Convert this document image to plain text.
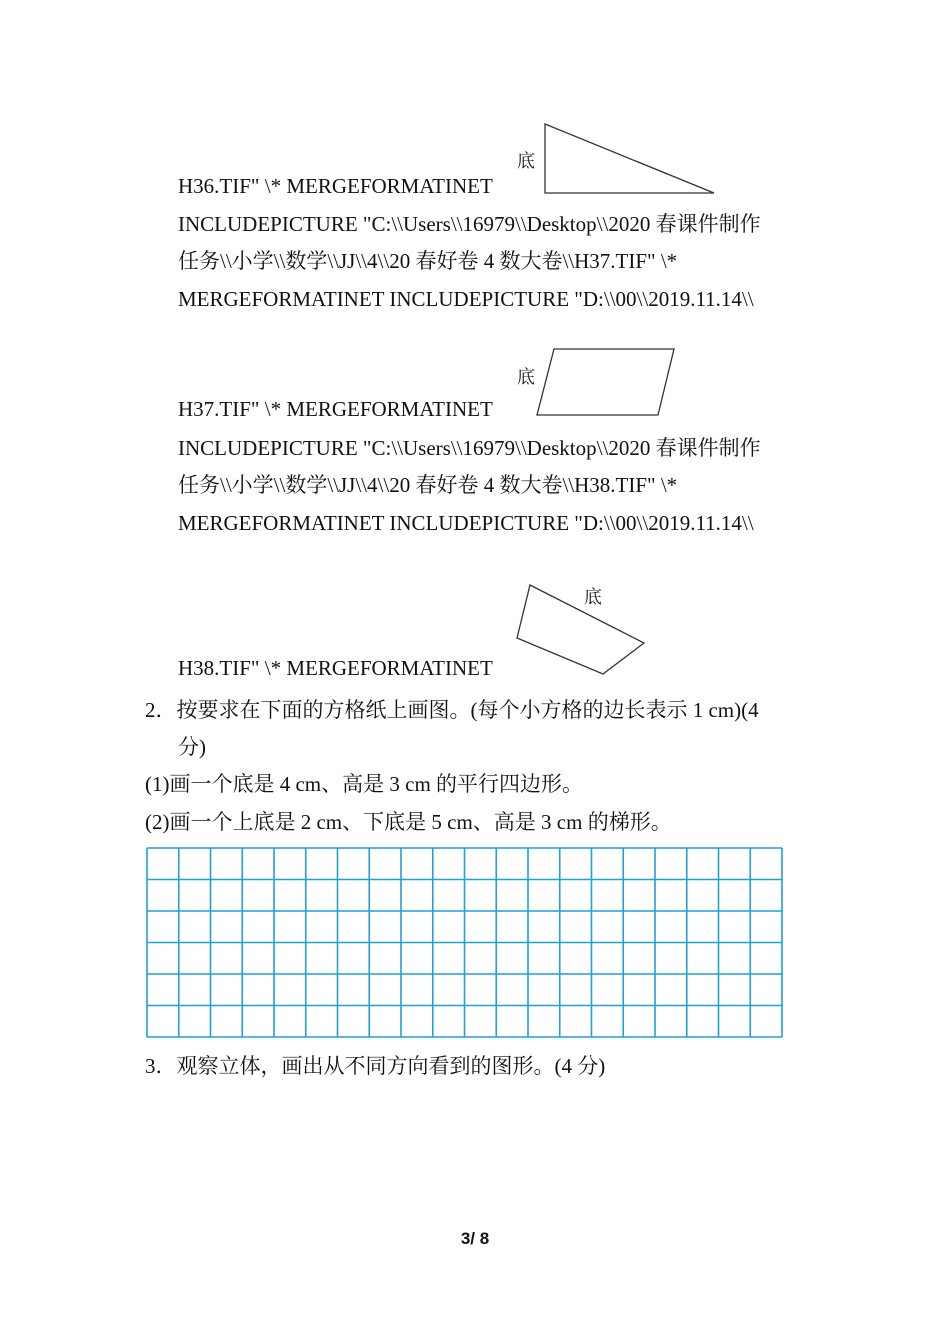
底
H36.TIF" \* MERGEFORMATINET
INCLUDEPICTURE "C:\\Users\\16979\\Desktop\\2020 春课件制作
任务\\小学\\数学\\JJ\\4\\20 春好卷 4 数大卷\\H37.TIF" \*
MERGEFORMATINET INCLUDEPICTURE "D:\\00\\2019.11.14\\
底
H37.TIF" \* MERGEFORMATINET
INCLUDEPICTURE "C:\\Users\\16979\\Desktop\\2020 春课件制作
任务\\小学\\数学\\JJ\\4\\20 春好卷 4 数大卷\\H38.TIF" \*
MERGEFORMATINET INCLUDEPICTURE "D:\\00\\2019.11.14\\
底
H38.TIF" \* MERGEFORMATINET
2．按要求在下面的方格纸上画图。(每个小方格的边长表示 1 cm)(4
分)
(1)画一个底是 4 cm、高是 3 cm 的平行四边形。
(2)画一个上底是 2 cm、下底是 5 cm、高是 3 cm 的梯形。
3．观察立体，画出从不同方向看到的图形。(4 分)
3/ 8
